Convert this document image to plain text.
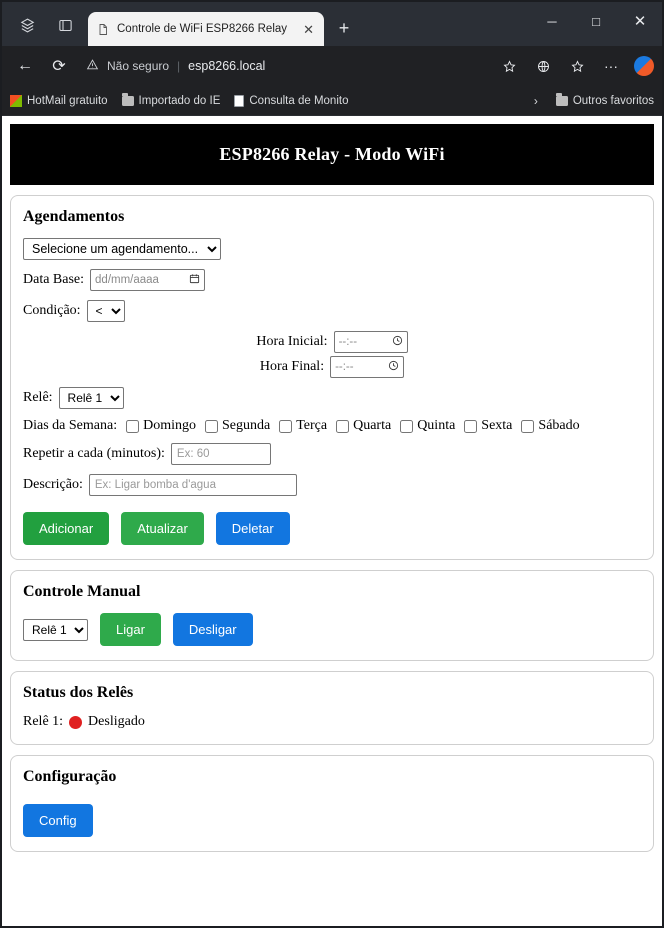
Controle de WiFi ESP8266 Relay	✕	+	─	□	✕
←	⟳	Não seguro | esp8266.local	···
HotMail gratuito	Importado do IE	Consulta de Monito	›	Outros favoritos
ESP8266 Relay - Modo WiFi
Agendamentos
Selecione um agendamento...
Data Base: dd/mm/aaaa
Condição:
<
Hora Inicial: --:--
Hora Final: --:--
Relê:
Relê 1
Dias da Semana: Domingo Segunda Terça Quarta Quinta Sexta Sábado
Repetir a cada (minutos): Ex: 60
Descrição: Ex: Ligar bomba d'agua
Adicionar	Atualizar	Deletar
Controle Manual
Relê 1
Ligar	Desligar
Status dos Relês
Relê 1: Desligado
Configuração
Config
